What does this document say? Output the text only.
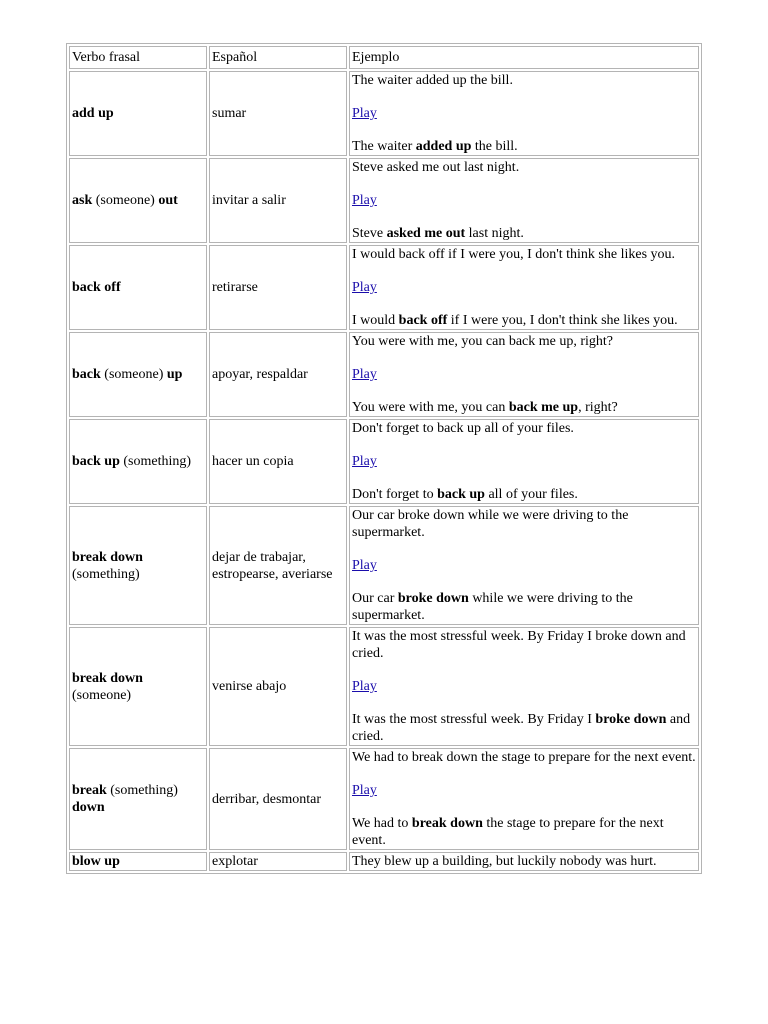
Verbo frasal	Español	Ejemplo
add up	sumar	The waiter added up the bill.

Play

The waiter added up the bill.

ask (someone) out	invitar a salir	Steve asked me out last night.

Play

Steve asked me out last night.

back off	retirarse	I would back off if I were you, I don't think she likes you.

Play

I would back off if I were you, I don't think she likes you.

back (someone) up	apoyar, respaldar	You were with me, you can back me up, right?

Play

You were with me, you can back me up, right?

back up (something)	hacer un copia	Don't forget to back up all of your files.

Play

Don't forget to back up all of your files.

break down (something)	dejar de trabajar, estropearse, averiarse	Our car broke down while we were driving to the supermarket.

Play

Our car broke down while we were driving to the supermarket.

break down (someone)	venirse abajo	It was the most stressful week. By Friday I broke down and cried.

Play

It was the most stressful week. By Friday I broke down and cried.

break (something) down	derribar, desmontar	We had to break down the stage to prepare for the next event.

Play

We had to break down the stage to prepare for the next event.

blow up	explotar	They blew up a building, but luckily nobody was hurt.
